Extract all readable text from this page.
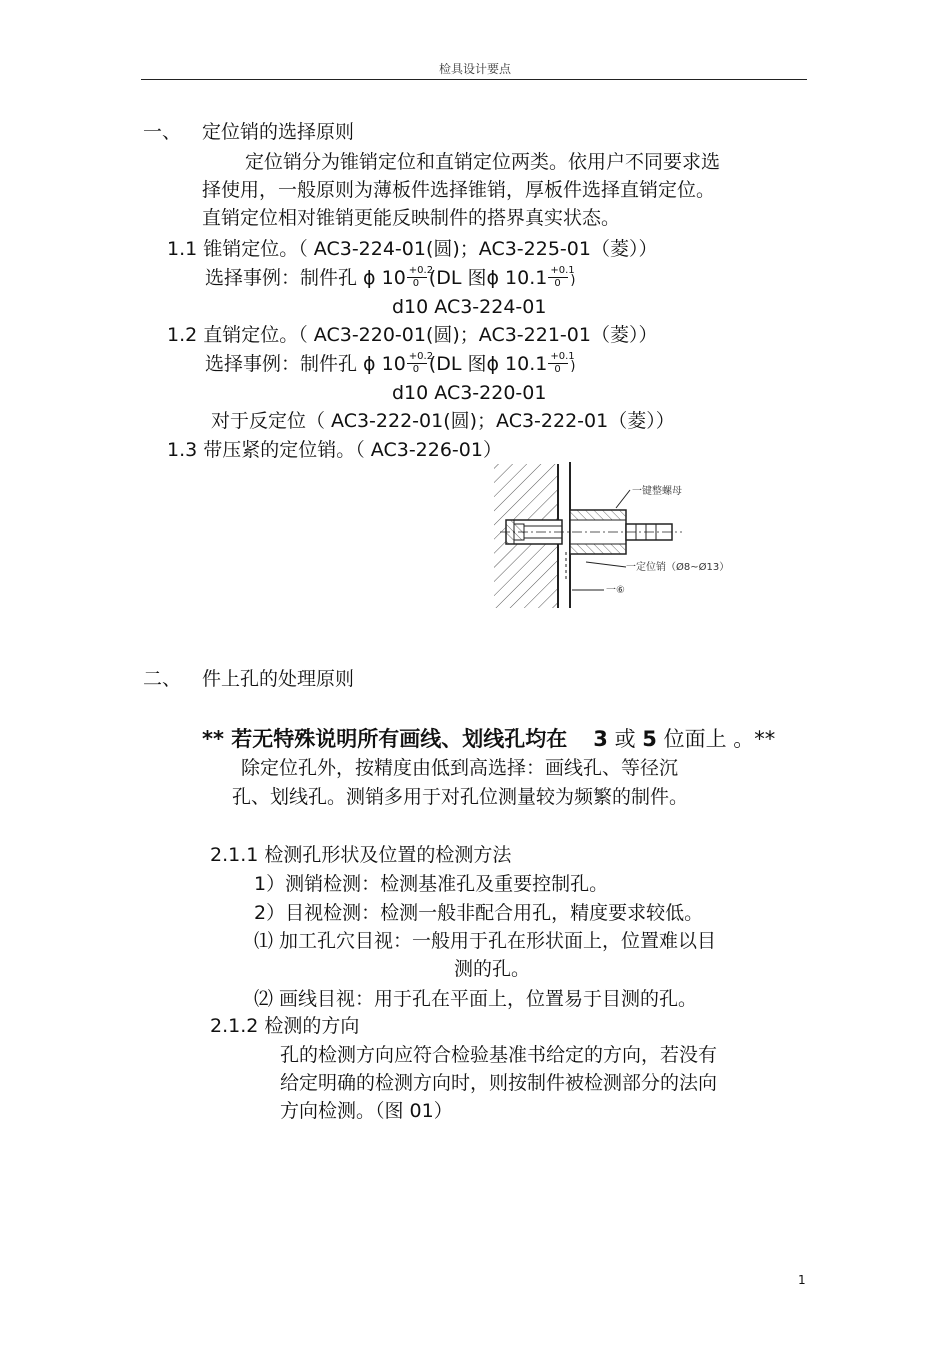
检具设计要点
一、 定位销的选择原则
定位销分为锥销定位和直销定位两类。依用户不同要求选
择使用，一般原则为薄板件选择锥销，厚板件选择直销定位。
直销定位相对锥销更能反映制件的搭界真实状态。
1.1 锥销定位。（ AC3-224-01(圆)；AC3-225-01（菱））
选择事例：制件孔 ϕ $10 \frac{+0.2}{0} (DL$ 图ϕ $10.1 \frac{+0.1}{0}$ )
d10 AC3-224-01
1.2 直销定位。（ AC3-220-01(圆)；AC3-221-01（菱））
选择事例：制件孔 ϕ $10 \frac{+0.2}{0} (DL$ 图ϕ $10.1 \frac{+0.1}{0}$ )
d10 AC3-220-01
对于反定位（ AC3-222-01(圆)；AC3-222-01（菱））
1.3 带压紧的定位销。（ AC3-226-01）
一键整螺母
一定位销（Ø8~Ø13）
一⑥
二、 件上孔的处理原则
** 若无特殊说明所有画线、划线孔均在 3 或 5 位面上 。**
除定位孔外，按精度由低到高选择：画线孔、等径沉
孔、划线孔。测销多用于对孔位测量较为频繁的制件。
2.1.1 检测孔形状及位置的检测方法
1）测销检测：检测基准孔及重要控制孔。
2）目视检测：检测一般非配合用孔，精度要求较低。
⑴ 加工孔穴目视：一般用于孔在形状面上，位置难以目
测的孔。
⑵ 画线目视：用于孔在平面上，位置易于目测的孔。
2.1.2 检测的方向
孔的检测方向应符合检验基准书给定的方向，若没有
给定明确的检测方向时，则按制件被检测部分的法向
方向检测。（图 01）
1
